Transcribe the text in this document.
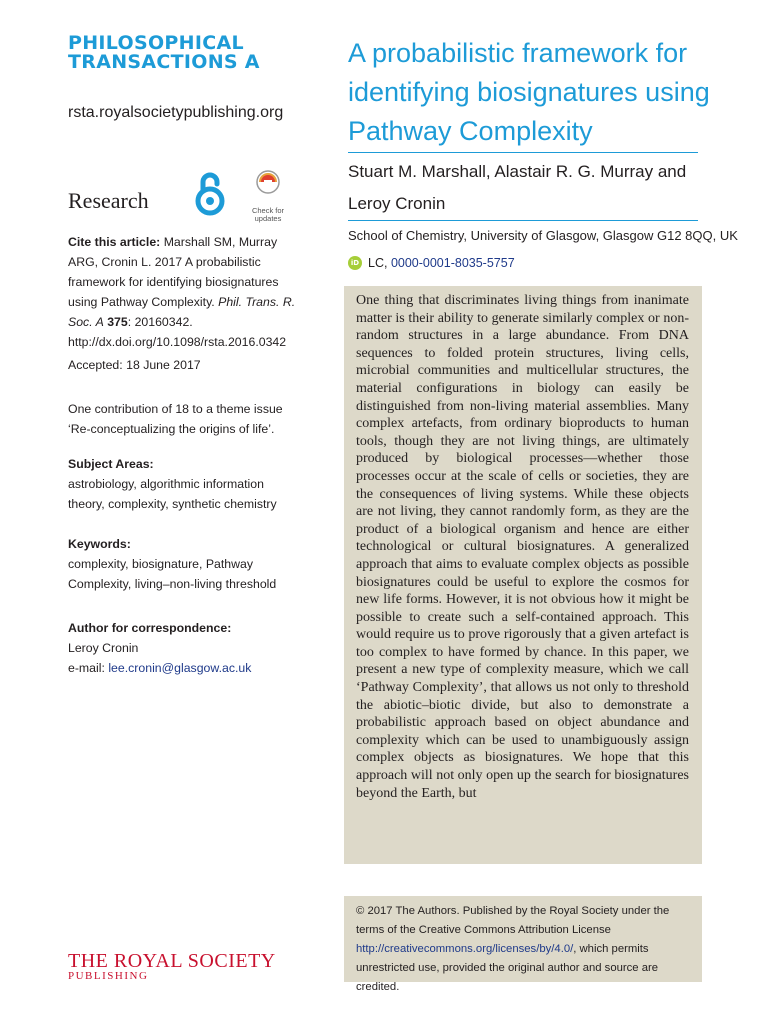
PHILOSOPHICAL
TRANSACTIONS A
rsta.royalsocietypublishing.org
Research	Check for
updates
Cite this article: Marshall SM, Murray ARG, Cronin L. 2017 A probabilistic framework for identifying biosignatures using Pathway Complexity. Phil. Trans. R. Soc. A 375: 20160342. http://dx.doi.org/10.1098/rsta.2016.0342
Accepted: 18 June 2017
One contribution of 18 to a theme issue ‘Re-conceptualizing the origins of life’.
Subject Areas:
astrobiology, algorithmic information theory, complexity, synthetic chemistry
Keywords:
complexity, biosignature, Pathway Complexity, living–non-living threshold
Author for correspondence:
Leroy Cronin
e-mail: lee.cronin@glasgow.ac.uk
A probabilistic framework for identifying biosignatures using Pathway Complexity
Stuart M. Marshall, Alastair R. G. Murray and Leroy Cronin
School of Chemistry, University of Glasgow, Glasgow G12 8QQ, UK
iD LC, 0000-0001-8035-5757
One thing that discriminates living things from inanimate matter is their ability to generate similarly complex or non-random structures in a large abundance. From DNA sequences to folded protein structures, living cells, microbial communities and multicellular structures, the material configurations in biology can easily be distinguished from non-living material assemblies. Many complex artefacts, from ordinary bioproducts to human tools, though they are not living things, are ultimately produced by biological processes—whether those processes occur at the scale of cells or societies, they are the consequences of living systems. While these objects are not living, they cannot randomly form, as they are the product of a biological organism and hence are either technological or cultural biosignatures. A generalized approach that aims to evaluate complex objects as possible biosignatures could be useful to explore the cosmos for new life forms. However, it is not obvious how it might be possible to create such a self-contained approach. This would require us to prove rigorously that a given artefact is too complex to have formed by chance. In this paper, we present a new type of complexity measure, which we call ‘Pathway Complexity’, that allows us not only to threshold the abiotic–biotic divide, but also to demonstrate a probabilistic approach based on object abundance and complexity which can be used to unambiguously assign complex objects as biosignatures. We hope that this approach will not only open up the search for biosignatures beyond the Earth, but
© 2017 The Authors. Published by the Royal Society under the terms of the Creative Commons Attribution License http://creativecommons.org/licenses/by/4.0/, which permits unrestricted use, provided the original author and source are credited.
THE ROYAL SOCIETY
PUBLISHING
